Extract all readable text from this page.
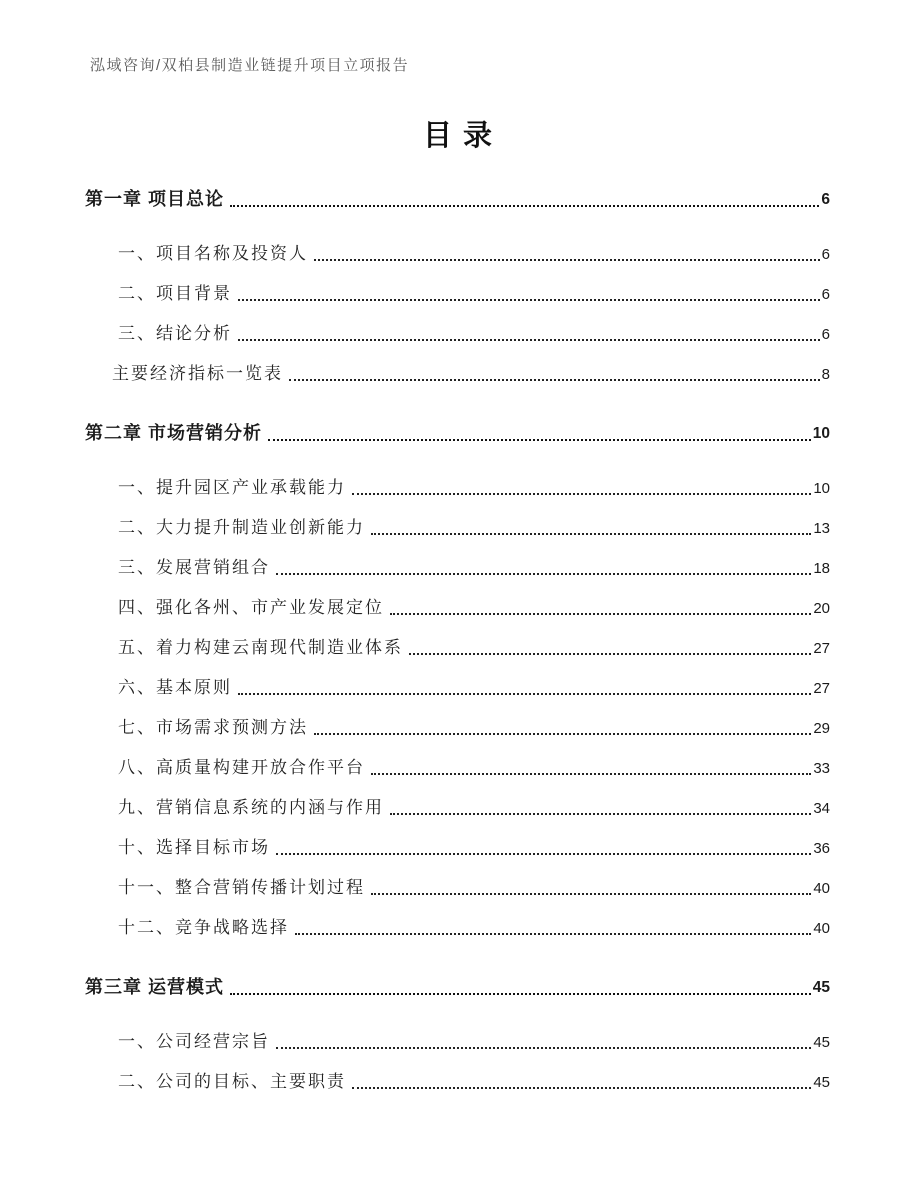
泓域咨询/双柏县制造业链提升项目立项报告
目录
第一章 项目总论	6
一、项目名称及投资人	6
二、项目背景	6
三、结论分析	6
主要经济指标一览表	8
第二章 市场营销分析	10
一、提升园区产业承载能力	10
二、大力提升制造业创新能力	13
三、发展营销组合	18
四、强化各州、市产业发展定位	20
五、着力构建云南现代制造业体系	27
六、基本原则	27
七、市场需求预测方法	29
八、高质量构建开放合作平台	33
九、营销信息系统的内涵与作用	34
十、选择目标市场	36
十一、整合营销传播计划过程	40
十二、竞争战略选择	40
第三章 运营模式	45
一、公司经营宗旨	45
二、公司的目标、主要职责	45
